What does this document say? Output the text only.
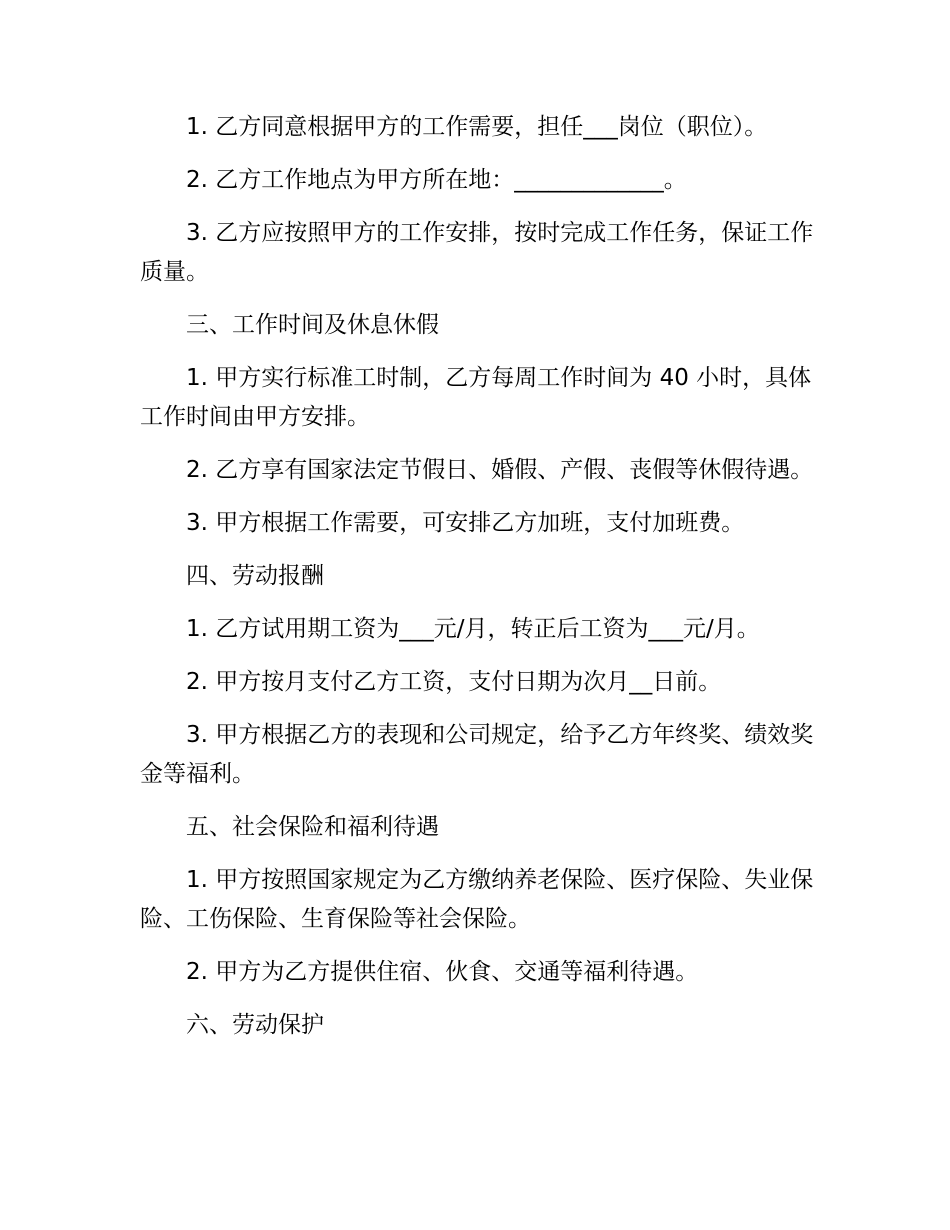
1. 乙方同意根据甲方的工作需要，担任___岗位（职位）。

2. 乙方工作地点为甲方所在地：_____________。

3. 乙方应按照甲方的工作安排，按时完成工作任务，保证工作质量。

三、工作时间及休息休假

1. 甲方实行标准工时制，乙方每周工作时间为 40 小时，具体工作时间由甲方安排。

2. 乙方享有国家法定节假日、婚假、产假、丧假等休假待遇。

3. 甲方根据工作需要，可安排乙方加班，支付加班费。

四、劳动报酬

1. 乙方试用期工资为___元/月，转正后工资为___元/月。

2. 甲方按月支付乙方工资，支付日期为次月__日前。

3. 甲方根据乙方的表现和公司规定，给予乙方年终奖、绩效奖金等福利。

五、社会保险和福利待遇

1. 甲方按照国家规定为乙方缴纳养老保险、医疗保险、失业保险、工伤保险、生育保险等社会保险。

2. 甲方为乙方提供住宿、伙食、交通等福利待遇。

六、劳动保护
